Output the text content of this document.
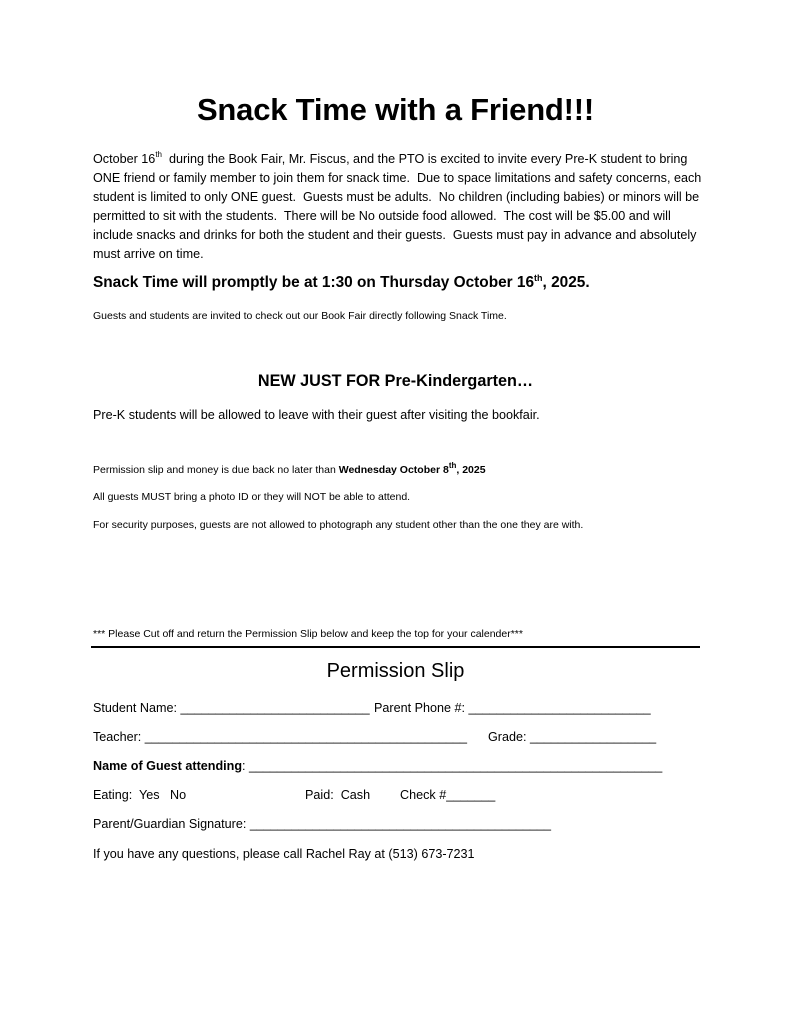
Snack Time with a Friend!!!
October 16th  during the Book Fair, Mr. Fiscus, and the PTO is excited to invite every Pre-K student to bring ONE friend or family member to join them for snack time.  Due to space limitations and safety concerns, each student is limited to only ONE guest.  Guests must be adults.  No children (including babies) or minors will be permitted to sit with the students.  There will be No outside food allowed.  The cost will be $5.00 and will include snacks and drinks for both the student and their guests.  Guests must pay in advance and absolutely must arrive on time.
Snack Time will promptly be at 1:30 on Thursday October 16th, 2025.
Guests and students are invited to check out our Book Fair directly following Snack Time.
NEW JUST FOR Pre-Kindergarten…
Pre-K students will be allowed to leave with their guest after visiting the bookfair.
Permission slip and money is due back no later than Wednesday October 8th, 2025
All guests MUST bring a photo ID or they will NOT be able to attend.
For security purposes, guests are not allowed to photograph any student other than the one they are with.
*** Please Cut off and return the Permission Slip below and keep the top for your calender***
Permission Slip
Student Name: ___________________________ Parent Phone #: __________________________
Teacher: ______________________________________________ Grade: __________________
Name of Guest attending: ___________________________________________________________
Eating:  Yes   No	Paid:  Cash Check #_______
Parent/Guardian Signature: ___________________________________________
If you have any questions, please call Rachel Ray at (513) 673-7231
